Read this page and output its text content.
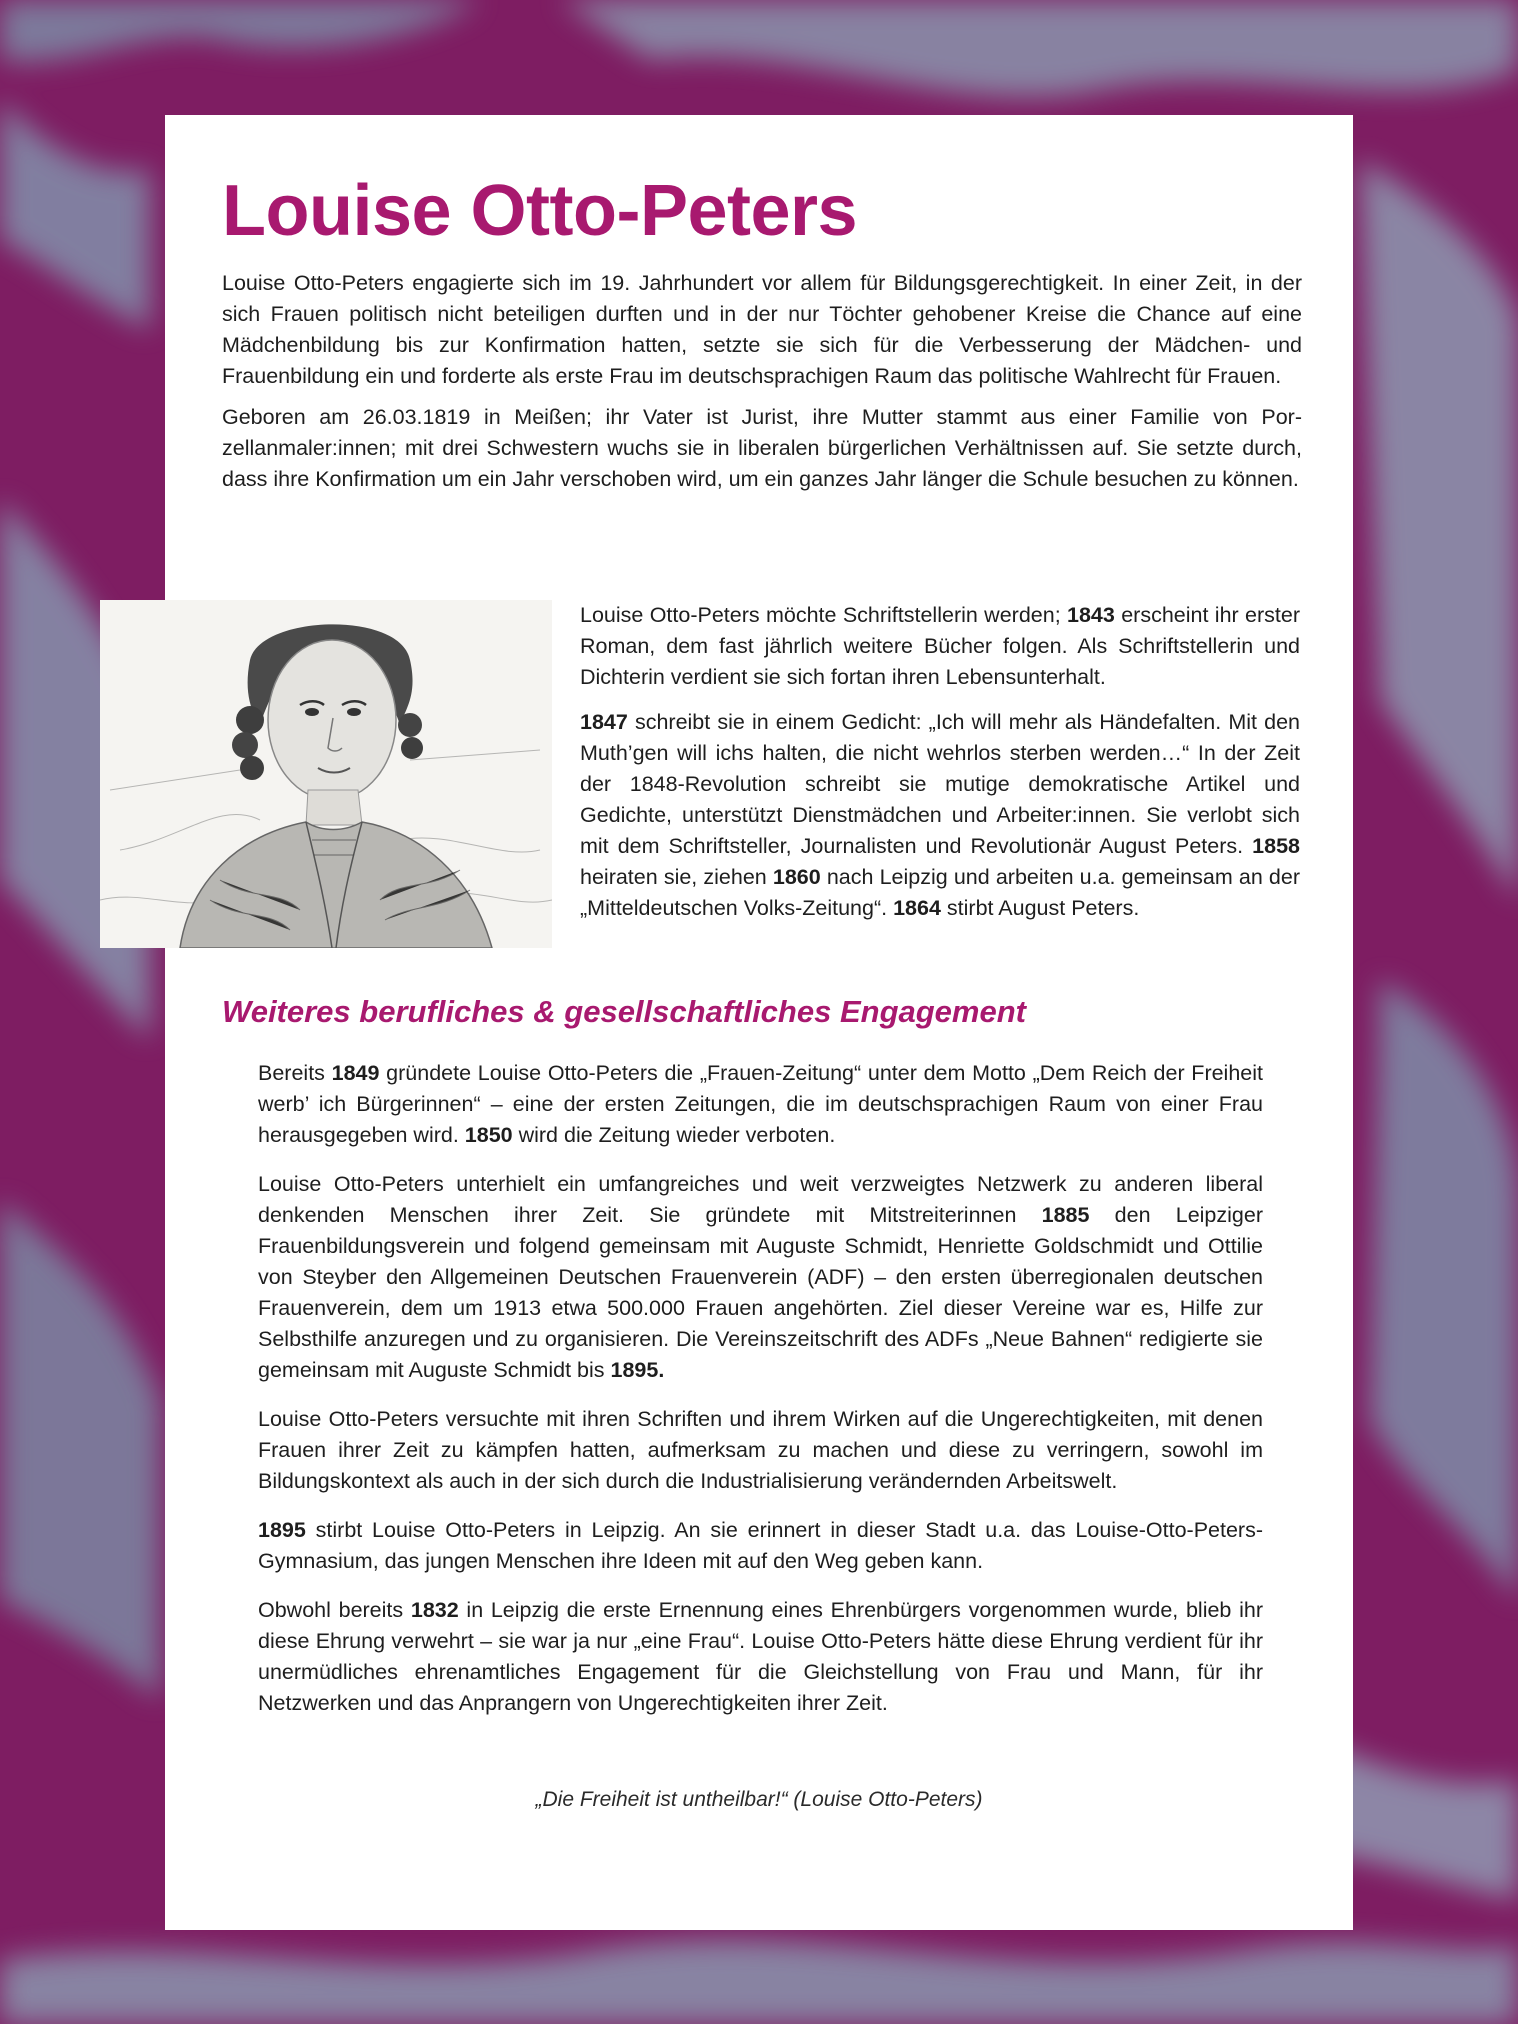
Louise Otto-Peters

Louise Otto-Peters engagierte sich im 19. Jahrhundert vor allem für Bildungsgerechtigkeit. In einer Zeit, in der sich Frauen politisch nicht beteiligen durften und in der nur Töchter gehobener Kreise die Chance auf eine Mädchenbildung bis zur Konfirmation hatten, setzte sie sich für die Verbesserung der Mädchen- und Frauenbildung ein und forderte als erste Frau im deutschsprachigen Raum das politische Wahlrecht für Frauen.

Geboren am 26.03.1819 in Meißen; ihr Vater ist Jurist, ihre Mutter stammt aus einer Familie von Porzellanmaler:innen; mit drei Schwestern wuchs sie in liberalen bürgerlichen Verhältnissen auf. Sie setzte durch, dass ihre Konfirmation um ein Jahr verschoben wird, um ein ganzes Jahr länger die Schule besuchen zu können.

Louise Otto-Peters möchte Schriftstellerin werden; 1843 erscheint ihr erster Roman, dem fast jährlich weitere Bücher folgen. Als Schriftstellerin und Dichterin verdient sie sich fortan ihren Lebensunterhalt.

1847 schreibt sie in einem Gedicht: „Ich will mehr als Händefalten. Mit den Muth’gen will ichs halten, die nicht wehrlos sterben werden…“ In der Zeit der 1848-Revolution schreibt sie mutige demokratische Artikel und Gedichte, unterstützt Dienstmädchen und Arbeiter:innen. Sie verlobt sich mit dem Schriftsteller, Journalisten und Revolutionär August Peters. 1858 heiraten sie, ziehen 1860 nach Leipzig und arbeiten u.a. gemeinsam an der „Mitteldeutschen Volks-Zeitung“. 1864 stirbt August Peters.

Weiteres berufliches & gesellschaftliches Engagement

Bereits 1849 gründete Louise Otto-Peters die „Frauen-Zeitung“ unter dem Motto „Dem Reich der Freiheit werb’ ich Bürgerinnen“ – eine der ersten Zeitungen, die im deutschsprachigen Raum von einer Frau herausgegeben wird. 1850 wird die Zeitung wieder verboten.

Louise Otto-Peters unterhielt ein umfangreiches und weit verzweigtes Netzwerk zu anderen liberal denkenden Menschen ihrer Zeit. Sie gründete mit Mitstreiterinnen 1885 den Leipziger Frauenbildungsverein und folgend gemeinsam mit Auguste Schmidt, Henriette Goldschmidt und Ottilie von Steyber den Allgemeinen Deutschen Frauenverein (ADF) – den ersten überregionalen deutschen Frauenverein, dem um 1913 etwa 500.000 Frauen angehörten. Ziel dieser Vereine war es, Hilfe zur Selbsthilfe anzuregen und zu organisieren. Die Vereinszeitschrift des ADFs „Neue Bahnen“ redigierte sie gemeinsam mit Auguste Schmidt bis 1895.

Louise Otto-Peters versuchte mit ihren Schriften und ihrem Wirken auf die Ungerechtigkeiten, mit denen Frauen ihrer Zeit zu kämpfen hatten, aufmerksam zu machen und diese zu verringern, sowohl im Bildungskontext als auch in der sich durch die Industrialisierung verändernden Arbeitswelt.

1895 stirbt Louise Otto-Peters in Leipzig. An sie erinnert in dieser Stadt u.a. das Louise-Otto-Peters-Gymnasium, das jungen Menschen ihre Ideen mit auf den Weg geben kann.

Obwohl bereits 1832 in Leipzig die erste Ernennung eines Ehrenbürgers vorgenommen wurde, blieb ihr diese Ehrung verwehrt – sie war ja nur „eine Frau“. Louise Otto-Peters hätte diese Ehrung verdient für ihr unermüdliches ehrenamtliches Engagement für die Gleichstellung von Frau und Mann, für ihr Netzwerken und das Anprangern von Ungerechtigkeiten ihrer Zeit.

„Die Freiheit ist untheilbar!“ (Louise Otto-Peters)
